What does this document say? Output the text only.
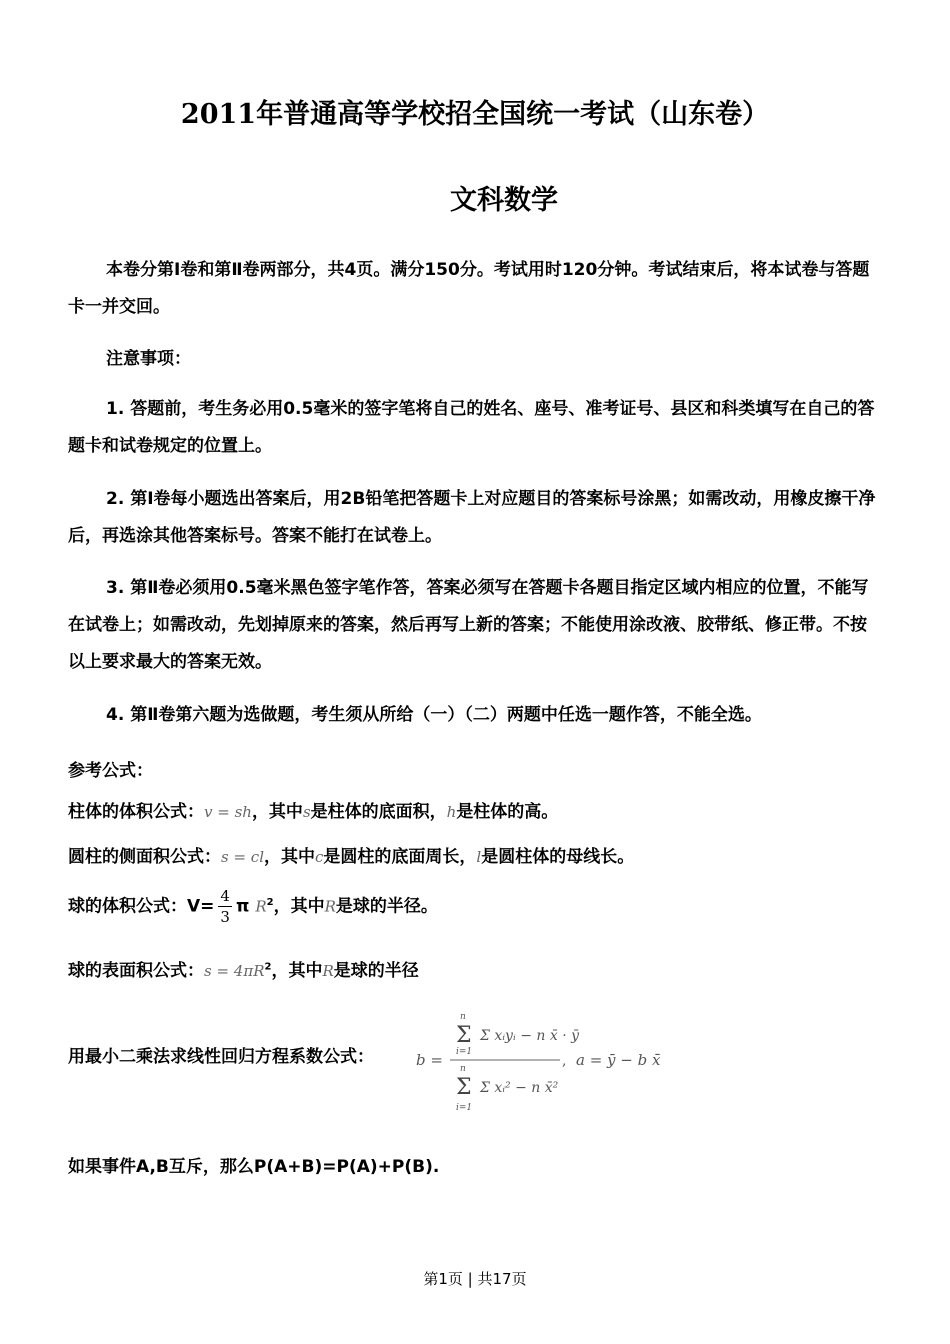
2011年普通高等学校招全国统一考试（山东卷）
文科数学
本卷分第Ⅰ卷和第Ⅱ卷两部分，共4页。满分150分。考试用时120分钟。考试结束后，将本试卷与答题卡一并交回。
注意事项：
1. 答题前，考生务必用0.5毫米的签字笔将自己的姓名、座号、准考证号、县区和科类填写在自己的答题卡和试卷规定的位置上。
2. 第Ⅰ卷每小题选出答案后，用2B铅笔把答题卡上对应题目的答案标号涂黑；如需改动，用橡皮擦干净后，再选涂其他答案标号。答案不能打在试卷上。
3. 第Ⅱ卷必须用0.5毫米黑色签字笔作答，答案必须写在答题卡各题目指定区域内相应的位置，不能写在试卷上；如需改动，先划掉原来的答案，然后再写上新的答案；不能使用涂改液、胶带纸、修正带。不按以上要求最大的答案无效。
4. 第Ⅱ卷第六题为选做题，考生须从所给（一）（二）两题中任选一题作答，不能全选。
参考公式：
柱体的体积公式：v = sh，其中s是柱体的底面积，h是柱体的高。
圆柱的侧面积公式：s = cl，其中c是圆柱的底面周长，l是圆柱体的母线长。
球的体积公式：$V= \frac{4}{3}$ π $R^2$，其中R是球的半径。
球的表面积公式：$s = 4\pi R^2$，其中R是球的半径
用最小二乘法求线性回归方程系数公式：	b =
Σ
n
i=1
Σ xᵢyᵢ − n x̄ · ȳ
Σ
n
i=1
Σ xᵢ² − n x̄²
, a = ȳ − b x̄
如果事件A,B互斥，那么P(A+B)=P(A)+P(B).
第1页 | 共17页
